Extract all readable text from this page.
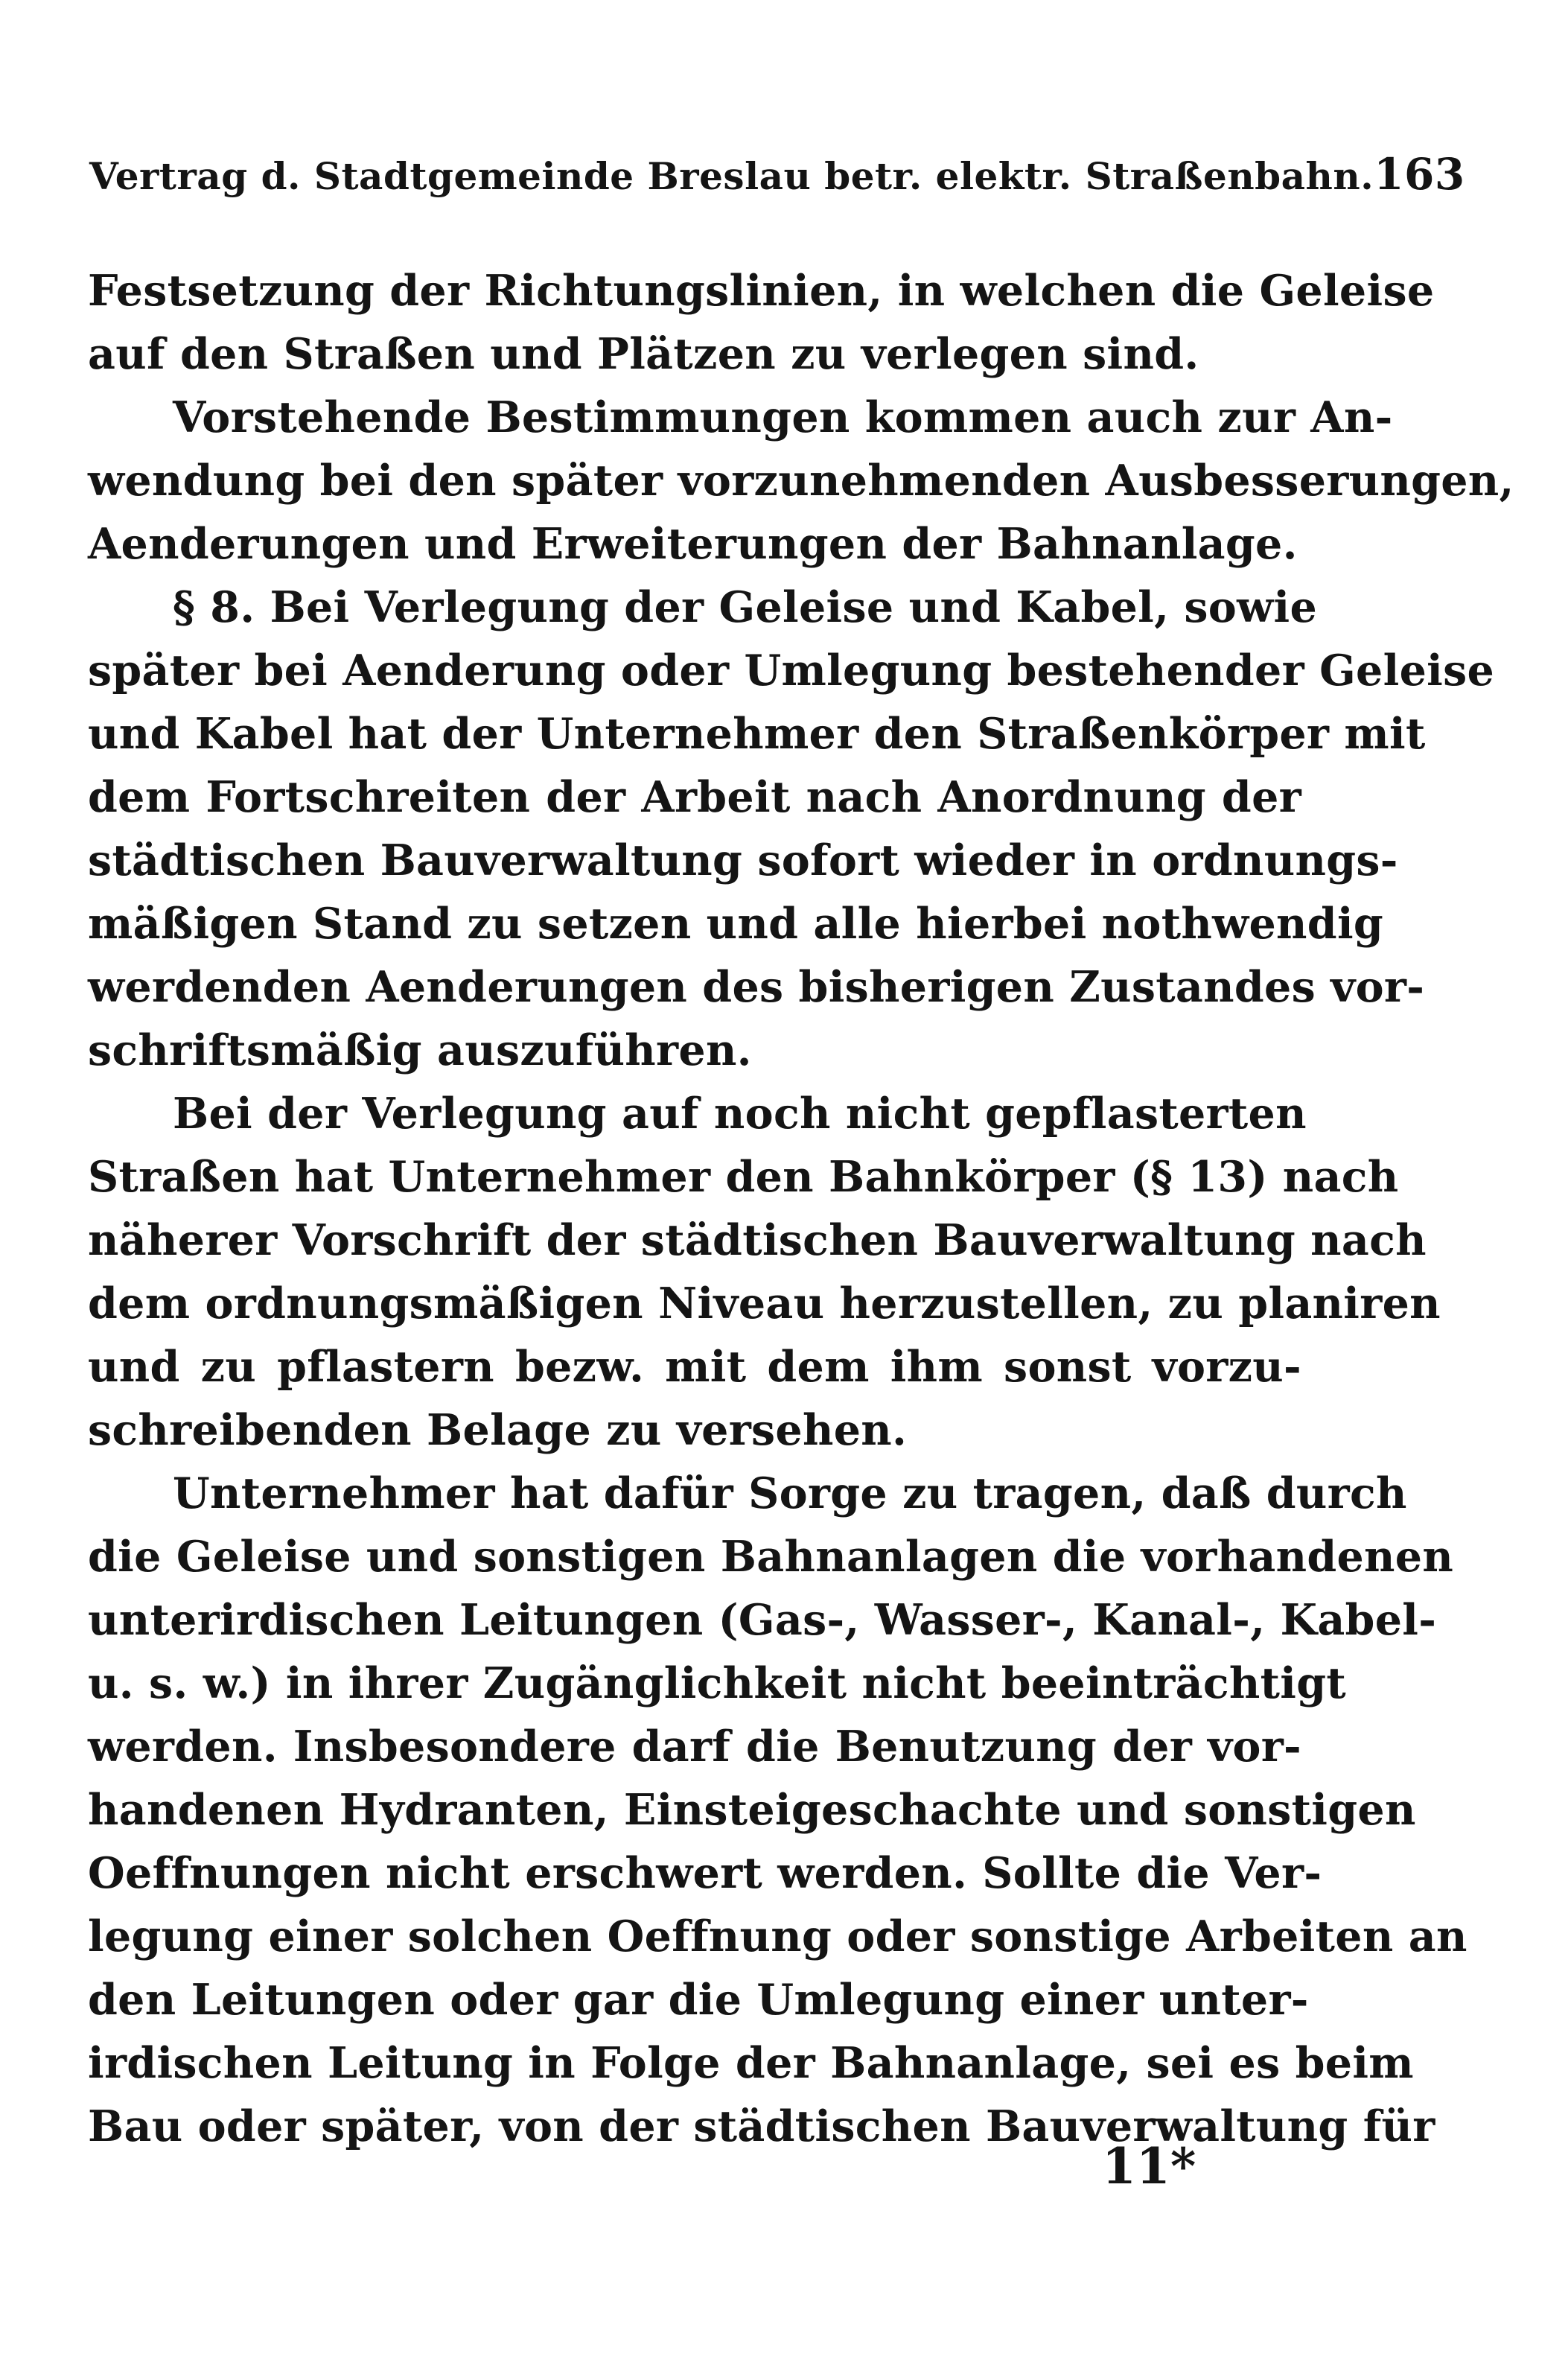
Vertrag d. Stadtgemeinde Breslau betr. elektr. Straßenbahn. 163
Festsetzung der Richtungslinien, in welchen die Geleise
auf den Straßen und Plätzen zu verlegen sind.
Vorstehende Bestimmungen kommen auch zur An-
wendung bei den später vorzunehmenden Ausbesserungen,
Aenderungen und Erweiterungen der Bahnanlage.
§ 8. Bei Verlegung der Geleise und Kabel, sowie
später bei Aenderung oder Umlegung bestehender Geleise
und Kabel hat der Unternehmer den Straßenkörper mit
dem Fortschreiten der Arbeit nach Anordnung der
städtischen Bauverwaltung sofort wieder in ordnungs-
mäßigen Stand zu setzen und alle hierbei nothwendig
werdenden Aenderungen des bisherigen Zustandes vor-
schriftsmäßig auszuführen.
Bei der Verlegung auf noch nicht gepflasterten
Straßen hat Unternehmer den Bahnkörper (§ 13) nach
näherer Vorschrift der städtischen Bauverwaltung nach
dem ordnungsmäßigen Niveau herzustellen, zu planiren
und zu pflastern bezw. mit dem ihm sonst vorzu-
schreibenden Belage zu versehen.
Unternehmer hat dafür Sorge zu tragen, daß durch
die Geleise und sonstigen Bahnanlagen die vorhandenen
unterirdischen Leitungen (Gas-, Wasser-, Kanal-, Kabel-
u. s. w.) in ihrer Zugänglichkeit nicht beeinträchtigt
werden. Insbesondere darf die Benutzung der vor-
handenen Hydranten, Einsteigeschachte und sonstigen
Oeffnungen nicht erschwert werden. Sollte die Ver-
legung einer solchen Oeffnung oder sonstige Arbeiten an
den Leitungen oder gar die Umlegung einer unter-
irdischen Leitung in Folge der Bahnanlage, sei es beim
Bau oder später, von der städtischen Bauverwaltung für
11*
